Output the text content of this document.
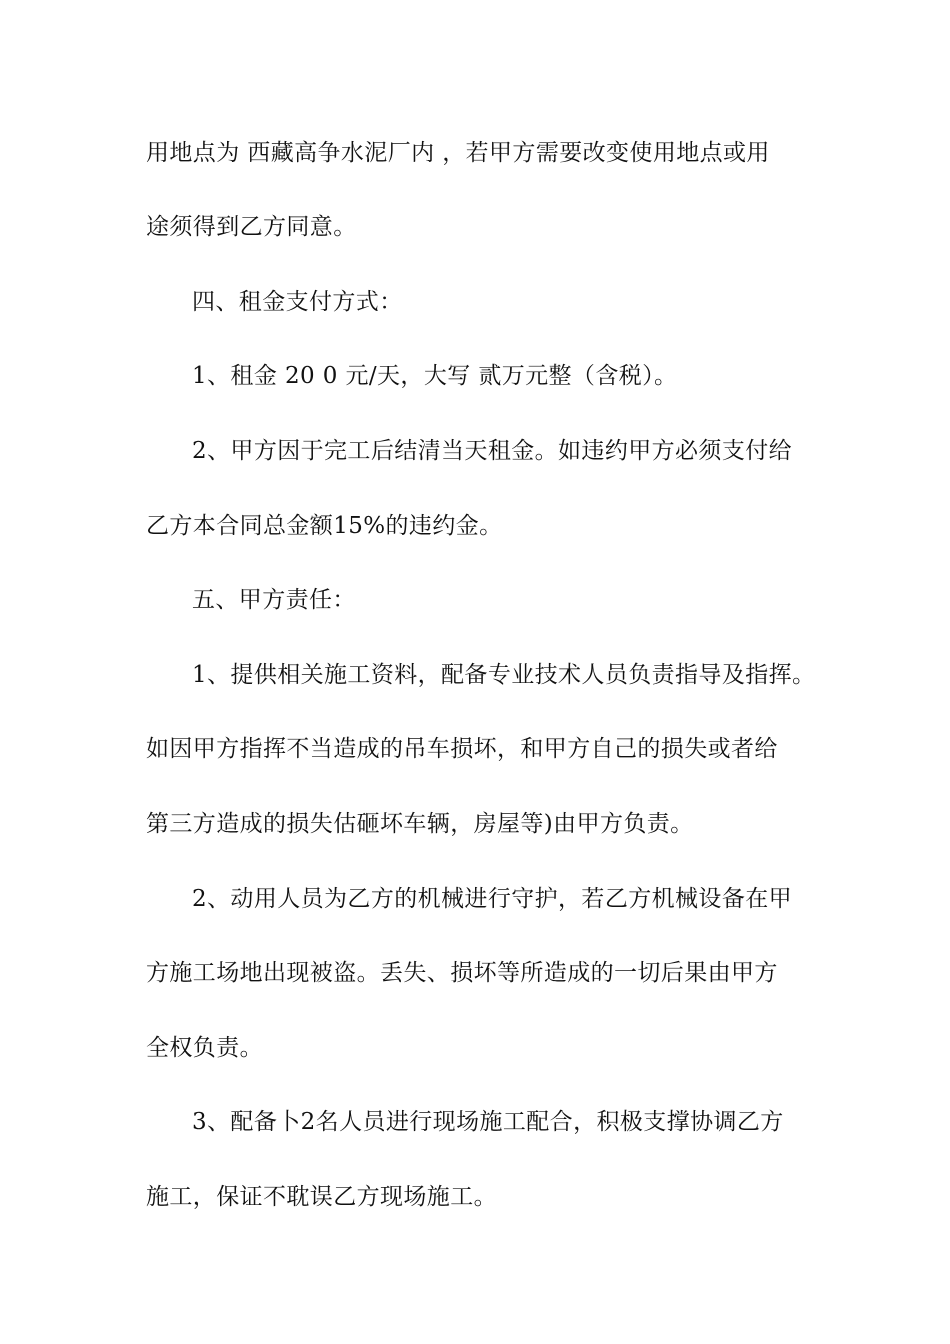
用地点为 西藏高争水泥厂内 ，若甲方需要改变使用地点或用
途须得到乙方同意。
四、租金支付方式：
1、租金 20 0 元/天，大写 贰万元整（含税）。
2、甲方因于完工后结清当天租金。如违约甲方必须支付给
乙方本合同总金额15%的违约金。
五、甲方责任：
1、提供相关施工资料，配备专业技术人员负责指导及指挥。
如因甲方指挥不当造成的吊车损坏，和甲方自己的损失或者给
第三方造成的损失估砸坏车辆，房屋等)由甲方负责。
2、动用人员为乙方的机械进行守护，若乙方机械设备在甲
方施工场地出现被盗。丢失、损坏等所造成的一切后果由甲方
全权负责。
3、配备卜2名人员进行现场施工配合，积极支撑协调乙方
施工，保证不耽误乙方现场施工。
